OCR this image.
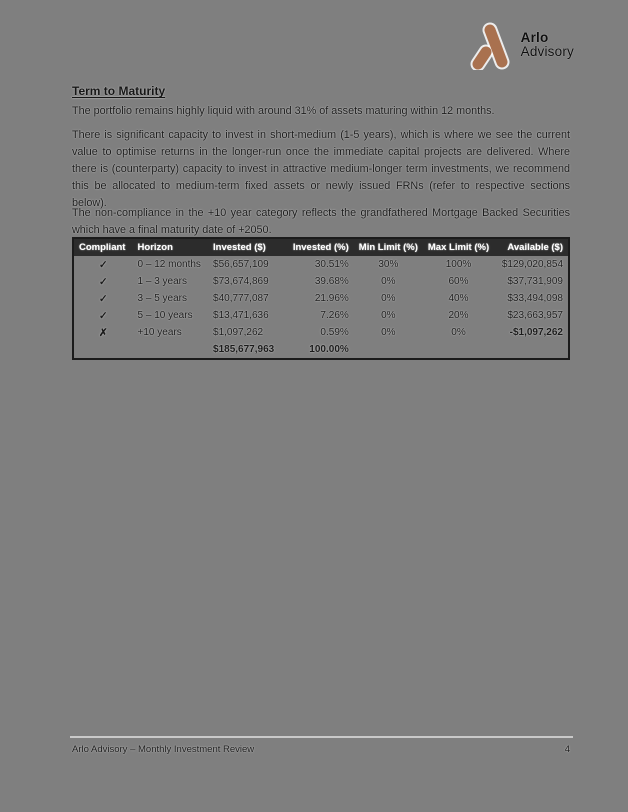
Arlo
Advisory
Term to Maturity
The portfolio remains highly liquid with around 31% of assets maturing within 12 months.
There is significant capacity to invest in short-medium (1-5 years), which is where we see the current value to optimise returns in the longer-run once the immediate capital projects are delivered. Where there is (counterparty) capacity to invest in attractive medium-longer term investments, we recommend this be allocated to medium-term fixed assets or newly issued FRNs (refer to respective sections below).
The non-compliance in the +10 year category reflects the grandfathered Mortgage Backed Securities which have a final maturity date of +2050.
Compliant	Horizon	Invested ($)	Invested (%)	Min Limit (%)	Max Limit (%)	Available ($)
✓	0 – 12 months	$56,657,109	30.51%	30%	100%	$129,020,854
✓	1 – 3 years	$73,674,869	39.68%	0%	60%	$37,731,909
✓	3 – 5 years	$40,777,087	21.96%	0%	40%	$33,494,098
✓	5 – 10 years	$13,471,636	7.26%	0%	20%	$23,663,957
✗	+10 years	$1,097,262	0.59%	0%	0%	-$1,097,262
		$185,677,963	100.00%			
Arlo Advisory – Monthly Investment Review	4
